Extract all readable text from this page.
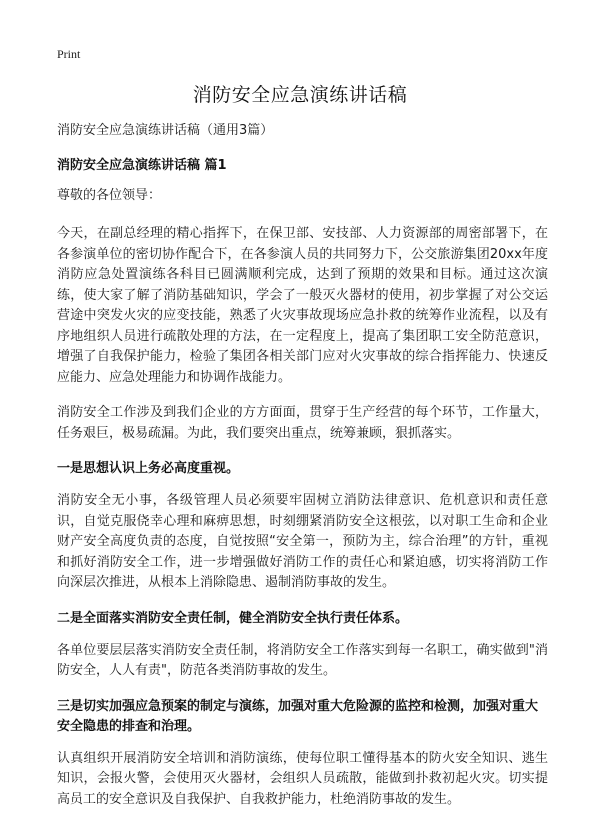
Print
消防安全应急演练讲话稿

消防安全应急演练讲话稿（通用3篇）

消防安全应急演练讲话稿 篇1

尊敬的各位领导：

今天，在副总经理的精心指挥下，在保卫部、安技部、人力资源部的周密部署下，在各参演单位的密切协作配合下，在各参演人员的共同努力下，公交旅游集团20xx年度消防应急处置演练各科目已圆满顺利完成，达到了预期的效果和目标。通过这次演练，使大家了解了消防基础知识，学会了一般灭火器材的使用，初步掌握了对公交运营途中突发火灾的应变技能，熟悉了火灾事故现场应急扑救的统筹作业流程，以及有序地组织人员进行疏散处理的方法，在一定程度上，提高了集团职工安全防范意识，增强了自我保护能力，检验了集团各相关部门应对火灾事故的综合指挥能力、快速反应能力、应急处理能力和协调作战能力。

消防安全工作涉及到我们企业的方方面面，贯穿于生产经营的每个环节，工作量大，任务艰巨，极易疏漏。为此，我们要突出重点，统筹兼顾，狠抓落实。

一是思想认识上务必高度重视。

消防安全无小事，各级管理人员必须要牢固树立消防法律意识、危机意识和责任意识，自觉克服侥幸心理和麻痹思想，时刻绷紧消防安全这根弦，以对职工生命和企业财产安全高度负责的态度，自觉按照“安全第一，预防为主，综合治理”的方针，重视和抓好消防安全工作，进一步增强做好消防工作的责任心和紧迫感，切实将消防工作向深层次推进，从根本上消除隐患、遏制消防事故的发生。

二是全面落实消防安全责任制，健全消防安全执行责任体系。

各单位要层层落实消防安全责任制，将消防安全工作落实到每一名职工，确实做到"消防安全，人人有责"，防范各类消防事故的发生。

三是切实加强应急预案的制定与演练，加强对重大危险源的监控和检测，加强对重大安全隐患的排查和治理。

认真组织开展消防安全培训和消防演练，使每位职工懂得基本的防火安全知识、逃生知识，会报火警，会使用灭火器材，会组织人员疏散，能做到扑救初起火灾。切实提高员工的安全意识及自我保护、自我救护能力，杜绝消防事故的发生。
